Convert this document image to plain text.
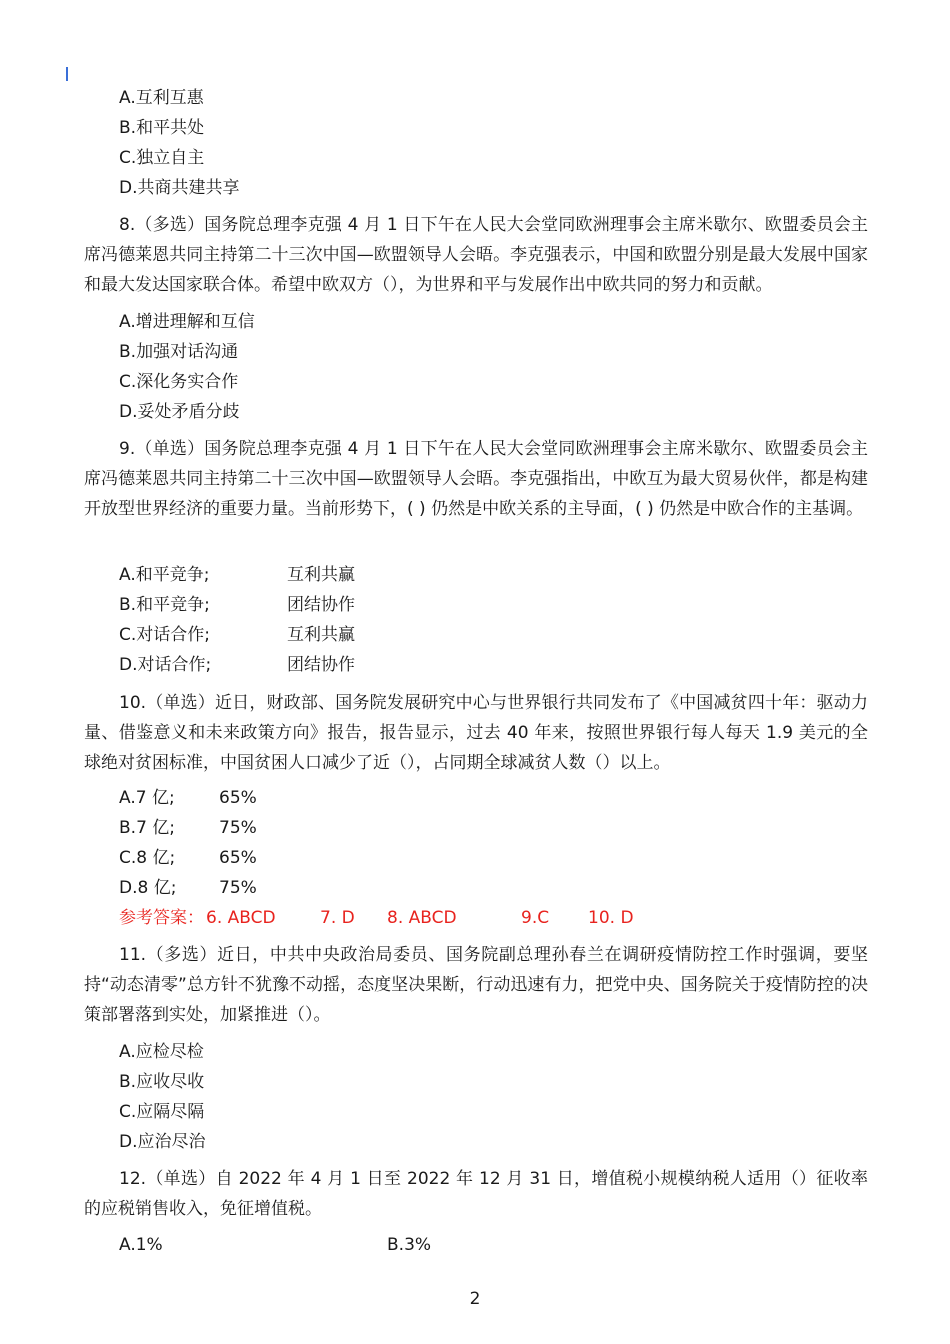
A.互利互惠
B.和平共处
C.独立自主
D.共商共建共享
8.（多选）国务院总理李克强 4 月 1 日下午在人民大会堂同欧洲理事会主席米歇尔、欧盟委员会主席冯德莱恩共同主持第二十三次中国—欧盟领导人会晤。李克强表示，中国和欧盟分别是最大发展中国家和最大发达国家联合体。希望中欧双方（），为世界和平与发展作出中欧共同的努力和贡献。
A.增进理解和互信
B.加强对话沟通
C.深化务实合作
D.妥处矛盾分歧
9.（单选）国务院总理李克强 4 月 1 日下午在人民大会堂同欧洲理事会主席米歇尔、欧盟委员会主席冯德莱恩共同主持第二十三次中国—欧盟领导人会晤。李克强指出，中欧互为最大贸易伙伴，都是构建开放型世界经济的重要力量。当前形势下，( ) 仍然是中欧关系的主导面，( ) 仍然是中欧合作的主基调。
A.和平竞争;	互利共赢
B.和平竞争;	团结协作
C.对话合作;	互利共赢
D.对话合作;	团结协作
10.（单选）近日，财政部、国务院发展研究中心与世界银行共同发布了《中国减贫四十年：驱动力量、借鉴意义和未来政策方向》报告，报告显示，过去 40 年来，按照世界银行每人每天 1.9 美元的全球绝对贫困标准，中国贫困人口减少了近（），占同期全球减贫人数（）以上。
A.7 亿;	65%
B.7 亿;	75%
C.8 亿;	65%
D.8 亿;	75%
参考答案： 6. ABCD	7. D 8. ABCD	9.C 10. D
11.（多选）近日，中共中央政治局委员、国务院副总理孙春兰在调研疫情防控工作时强调，要坚持“动态清零”总方针不犹豫不动摇，态度坚决果断，行动迅速有力，把党中央、国务院关于疫情防控的决策部署落到实处，加紧推进（）。
A.应检尽检
B.应收尽收
C.应隔尽隔
D.应治尽治
12.（单选）自 2022 年 4 月 1 日至 2022 年 12 月 31 日，增值税小规模纳税人适用（）征收率的应税销售收入，免征增值税。
A.1%	B.3%
2
